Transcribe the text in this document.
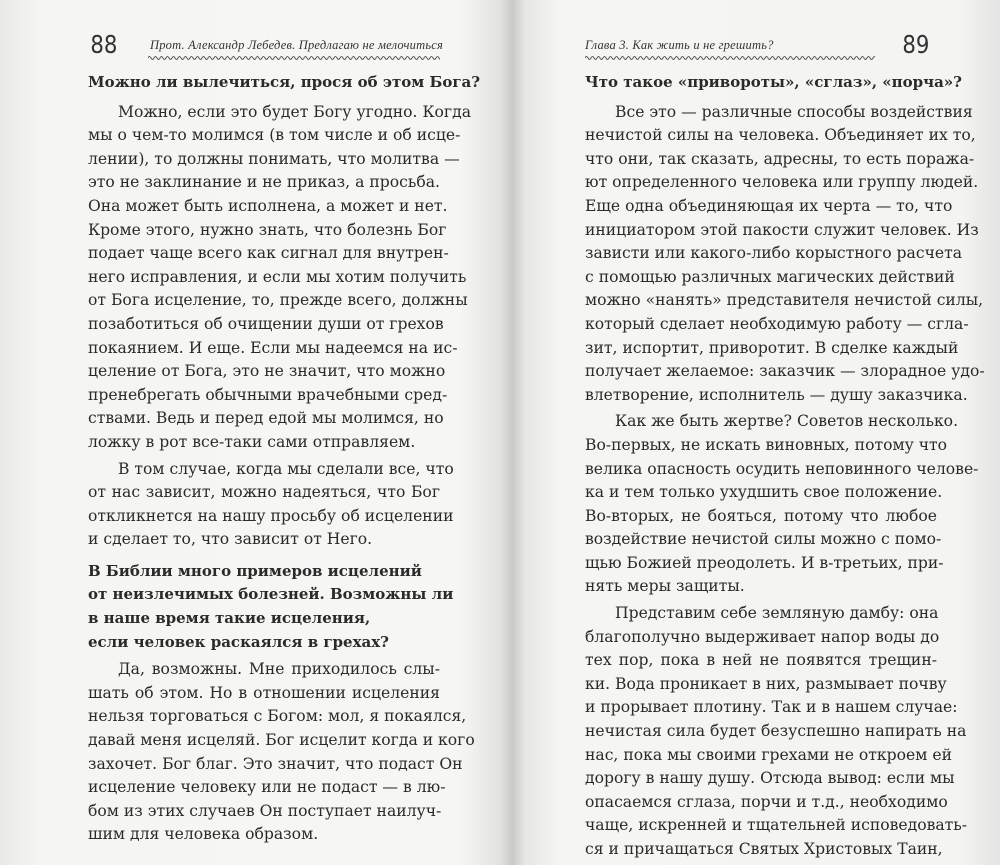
88	Прот. Александр Лебедев. Предлагаю не мелочиться	Глава 3. Как жить и не грешить?	89
Можно ли вылечиться, прося об этом Бога?
Можно, если это будет Богу угодно. Когда
мы о чем-то молимся (в том числе и об исце-
лении), то должны понимать, что молитва —
это не заклинание и не приказ, а просьба.
Она может быть исполнена, а может и нет.
Кроме этого, нужно знать, что болезнь Бог
подает чаще всего как сигнал для внутрен-
него исправления, и если мы хотим получить
от Бога исцеление, то, прежде всего, должны
позаботиться об очищении души от грехов
покаянием. И еще. Если мы надеемся на ис-
целение от Бога, это не значит, что можно
пренебрегать обычными врачебными сред-
ствами. Ведь и перед едой мы молимся, но
ложку в рот все-таки сами отправляем.
В том случае, когда мы сделали все, что
от нас зависит, можно надеяться, что Бог
откликнется на нашу просьбу об исцелении
и сделает то, что зависит от Него.
В Библии много примеров исцелений
от неизлечимых болезней. Возможны ли
в наше время такие исцеления,
если человек раскаялся в грехах?
Да, возможны. Мне приходилось слы-
шать об этом. Но в отношении исцеления
нельзя торговаться с Богом: мол, я покаялся,
давай меня исцеляй. Бог исцелит когда и кого
захочет. Бог благ. Это значит, что подаст Он
исцеление человеку или не подаст — в лю-
бом из этих случаев Он поступает наилуч-
шим для человека образом.
Что такое «привороты», «сглаз», «порча»?
Все это — различные способы воздействия
нечистой силы на человека. Объединяет их то,
что они, так сказать, адресны, то есть поража-
ют определенного человека или группу людей.
Еще одна объединяющая их черта — то, что
инициатором этой пакости служит человек. Из
зависти или какого-либо корыстного расчета
с помощью различных магических действий
можно «нанять» представителя нечистой силы,
который сделает необходимую работу — сгла-
зит, испортит, приворотит. В сделке каждый
получает желаемое: заказчик — злорадное удо-
влетворение, исполнитель — душу заказчика.
Как же быть жертве? Советов несколько.
Во-первых, не искать виновных, потому что
велика опасность осудить неповинного челове-
ка и тем только ухудшить свое положение.
Во-вторых, не бояться, потому что любое
воздействие нечистой силы можно с помо-
щью Божией преодолеть. И в-третьих, при-
нять меры защиты.
Представим себе земляную дамбу: она
благополучно выдерживает напор воды до
тех пор, пока в ней не появятся трещин-
ки. Вода проникает в них, размывает почву
и прорывает плотину. Так и в нашем случае:
нечистая сила будет безуспешно напирать на
нас, пока мы своими грехами не откроем ей
дорогу в нашу душу. Отсюда вывод: если мы
опасаемся сглаза, порчи и т.д., необходимо
чаще, искренней и тщательней исповедовать-
ся и причащаться Святых Христовых Таин,
